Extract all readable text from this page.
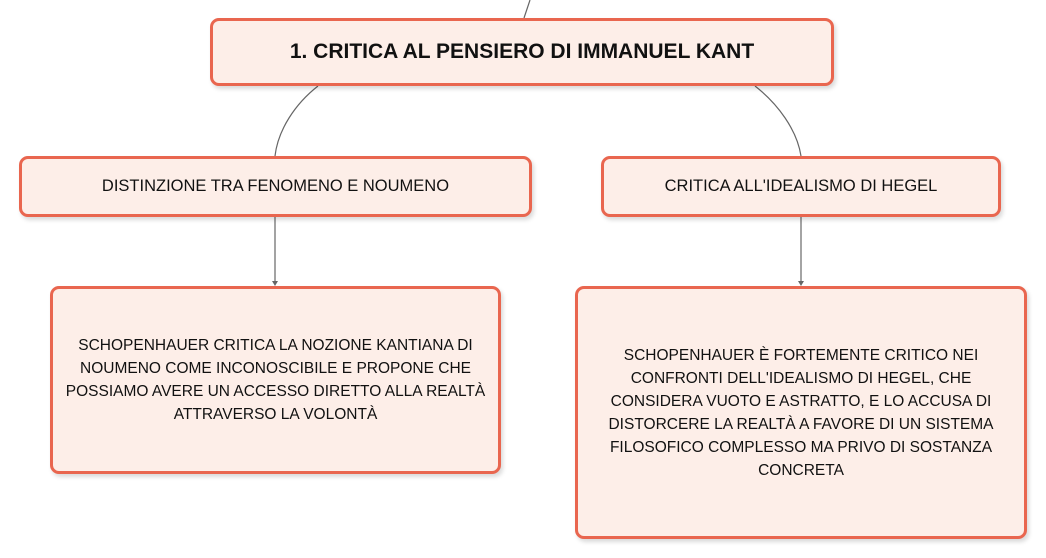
1. CRITICA AL PENSIERO DI IMMANUEL KANT
DISTINZIONE TRA FENOMENO E NOUMENO	CRITICA ALL'IDEALISMO DI HEGEL
SCHOPENHAUER CRITICA LA NOZIONE KANTIANA DI NOUMENO COME INCONOSCIBILE E PROPONE CHE POSSIAMO AVERE UN ACCESSO DIRETTO ALLA REALTÀ ATTRAVERSO LA VOLONTÀ
SCHOPENHAUER È FORTEMENTE CRITICO NEI CONFRONTI DELL'IDEALISMO DI HEGEL, CHE CONSIDERA VUOTO E ASTRATTO, E LO ACCUSA DI DISTORCERE LA REALTÀ A FAVORE DI UN SISTEMA FILOSOFICO COMPLESSO MA PRIVO DI SOSTANZA CONCRETA
